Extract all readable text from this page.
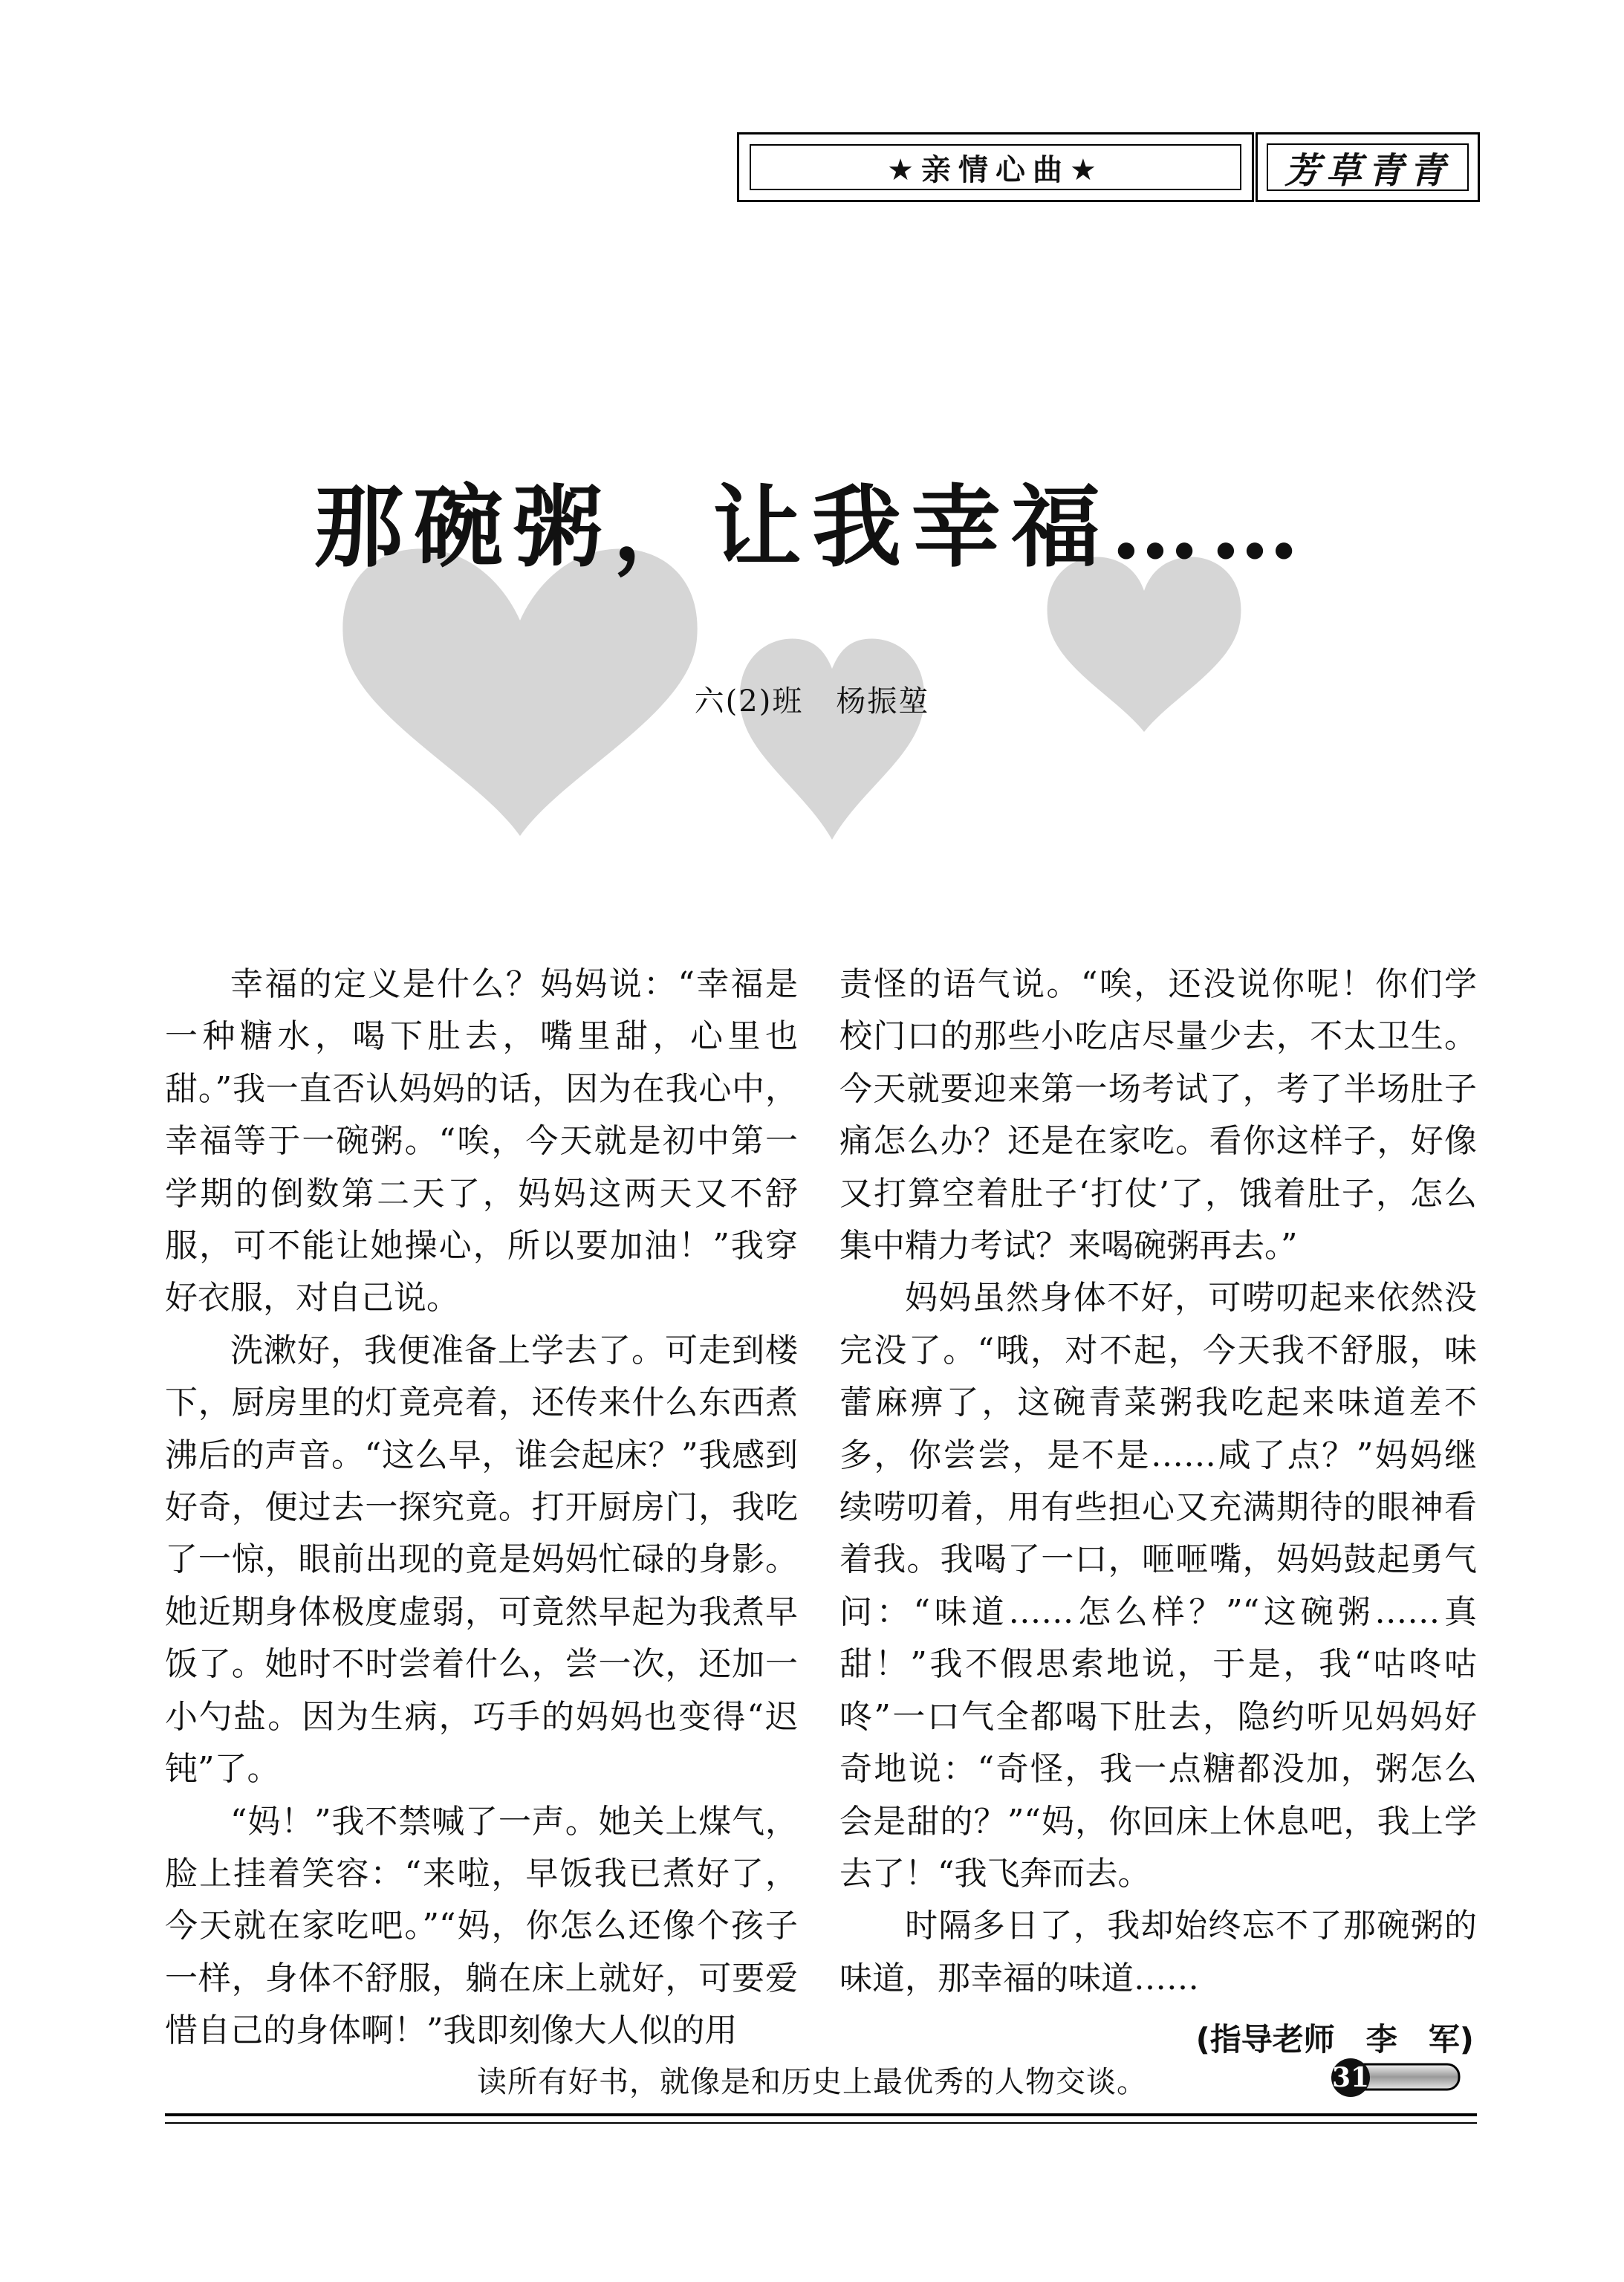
★亲情心曲★	芳草青青
那碗粥，让我幸福……
六(2)班 杨振堃

幸福的定义是什么？妈妈说：“幸福是一种糖水，喝下肚去，嘴里甜，心里也甜。”我一直否认妈妈的话，因为在我心中，幸福等于一碗粥。“唉，今天就是初中第一学期的倒数第二天了，妈妈这两天又不舒服，可不能让她操心，所以要加油！”我穿好衣服，对自己说。

洗漱好，我便准备上学去了。可走到楼下，厨房里的灯竟亮着，还传来什么东西煮沸后的声音。“这么早，谁会起床？”我感到好奇，便过去一探究竟。打开厨房门，我吃了一惊，眼前出现的竟是妈妈忙碌的身影。她近期身体极度虚弱，可竟然早起为我煮早饭了。她时不时尝着什么，尝一次，还加一小勺盐。因为生病，巧手的妈妈也变得“迟钝”了。

“妈！”我不禁喊了一声。她关上煤气，脸上挂着笑容：“来啦，早饭我已煮好了，今天就在家吃吧。”“妈，你怎么还像个孩子一样，身体不舒服，躺在床上就好，可要爱惜自己的身体啊！”我即刻像大人似的用

责怪的语气说。“唉，还没说你呢！你们学校门口的那些小吃店尽量少去，不太卫生。今天就要迎来第一场考试了，考了半场肚子痛怎么办？还是在家吃。看你这样子，好像又打算空着肚子‘打仗’了，饿着肚子，怎么集中精力考试？来喝碗粥再去。”

妈妈虽然身体不好，可唠叨起来依然没完没了。“哦，对不起，今天我不舒服，味蕾麻痹了，这碗青菜粥我吃起来味道差不多，你尝尝，是不是……咸了点？”妈妈继续唠叨着，用有些担心又充满期待的眼神看着我。我喝了一口，咂咂嘴，妈妈鼓起勇气问：“味道……怎么样？”“这碗粥……真甜！”我不假思索地说，于是，我“咕咚咕咚”一口气全都喝下肚去，隐约听见妈妈好奇地说：“奇怪，我一点糖都没加，粥怎么会是甜的？”“妈，你回床上休息吧，我上学去了！“我飞奔而去。

时隔多日了，我却始终忘不了那碗粥的味道，那幸福的味道……

(指导老师　李　军)
读所有好书，就像是和历史上最优秀的人物交谈。	31
